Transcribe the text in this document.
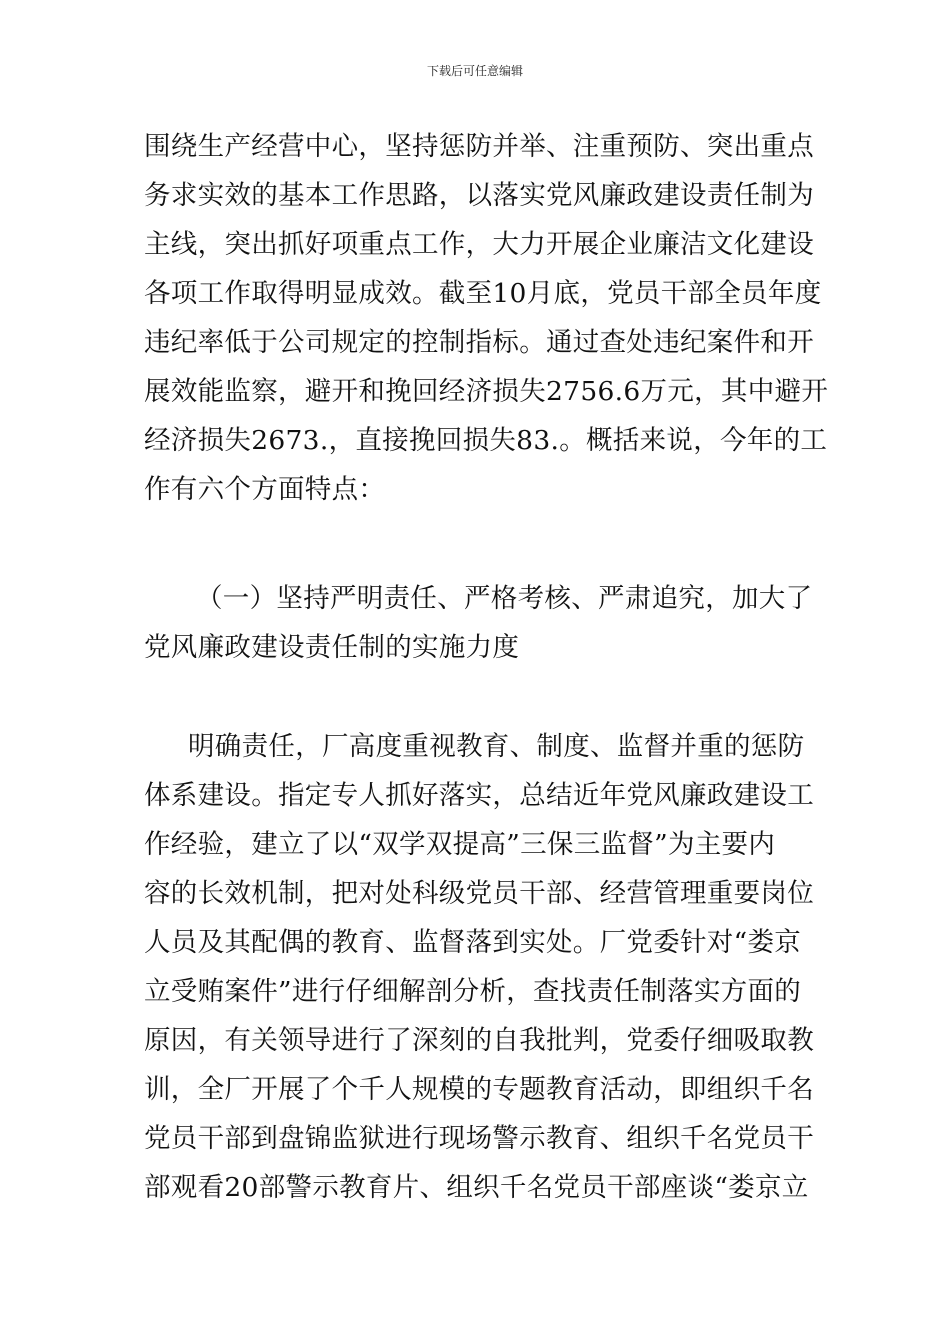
下载后可任意编辑
围绕生产经营中心，坚持惩防并举、注重预防、突出重点
务求实效的基本工作思路，以落实党风廉政建设责任制为
主线，突出抓好项重点工作，大力开展企业廉洁文化建设
各项工作取得明显成效。截至10月底，党员干部全员年度
违纪率低于公司规定的控制指标。通过查处违纪案件和开
展效能监察，避开和挽回经济损失2756.6万元，其中避开
经济损失2673.，直接挽回损失83.。概括来说，今年的工
作有六个方面特点：
（一）坚持严明责任、严格考核、严肃追究，加大了
党风廉政建设责任制的实施力度
明确责任，厂高度重视教育、制度、监督并重的惩防
体系建设。指定专人抓好落实，总结近年党风廉政建设工
作经验，建立了以“双学双提高”三保三监督”为主要内
容的长效机制，把对处科级党员干部、经营管理重要岗位
人员及其配偶的教育、监督落到实处。厂党委针对“娄京
立受贿案件”进行仔细解剖分析，查找责任制落实方面的
原因，有关领导进行了深刻的自我批判，党委仔细吸取教
训，全厂开展了个千人规模的专题教育活动，即组织千名
党员干部到盘锦监狱进行现场警示教育、组织千名党员干
部观看20部警示教育片、组织千名党员干部座谈“娄京立
